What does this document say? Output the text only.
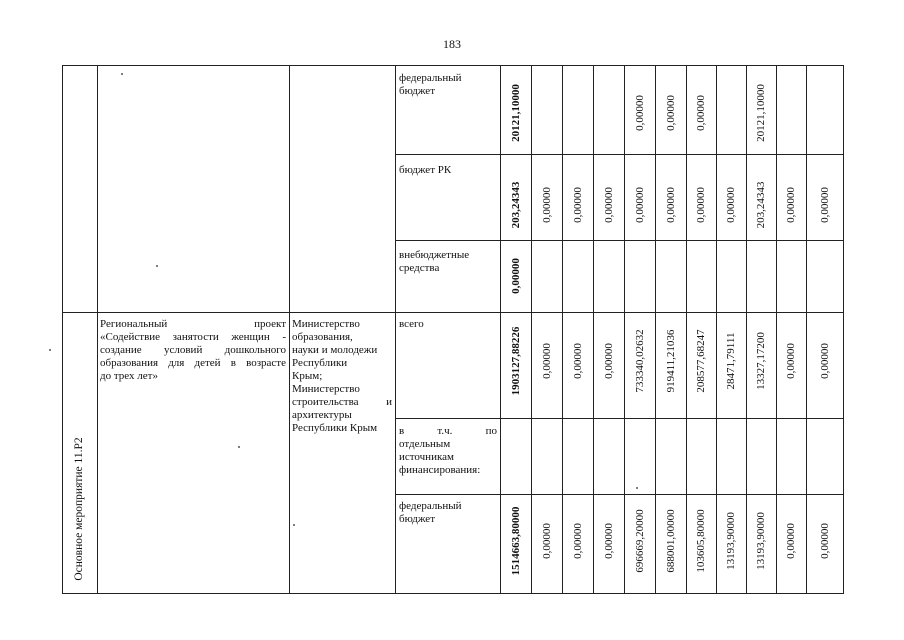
183
федеральный бюджет
бюджет РК
внебюджетные средства
Основное мероприятие 11.Р2
Региональный проект
«Содействие занятости женщин -
создание условий дошкольного
образования для детей в возрасте
до трех лет»
Министерство
образования,
науки и молодежи
Республики
Крым;
Министерство
строительства и
архитектуры
Республики Крым
всего
в т.ч. по
отдельным
источникам
финансирования:
федеральный бюджет
20121,10000	0,00000 0,00000 0,00000	20121,10000
203,24343 0,00000 0,00000 0,00000 0,00000 0,00000 0,00000 0,00000 203,24343 0,00000 0,00000
0,00000
1903127,88226 0,00000 0,00000 0,00000 733340,02632 919411,21036 208577,68247 28471,79111 13327,17200 0,00000 0,00000
1514663,80000 0,00000 0,00000 0,00000 696669,20000 688001,00000 103605,80000 13193,90000 13193,90000 0,00000 0,00000
